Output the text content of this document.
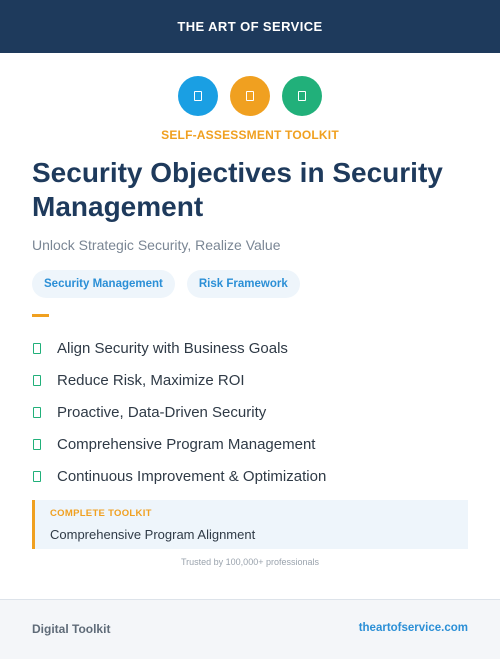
THE ART OF SERVICE
SELF-ASSESSMENT TOOLKIT
Security Objectives in Security Management
Unlock Strategic Security, Realize Value
Security Management	Risk Framework
Align Security with Business Goals
Reduce Risk, Maximize ROI
Proactive, Data-Driven Security
Comprehensive Program Management
Continuous Improvement & Optimization
COMPLETE TOOLKIT
Comprehensive Program Alignment
Trusted by 100,000+ professionals
Digital Toolkit	theartofservice.com
